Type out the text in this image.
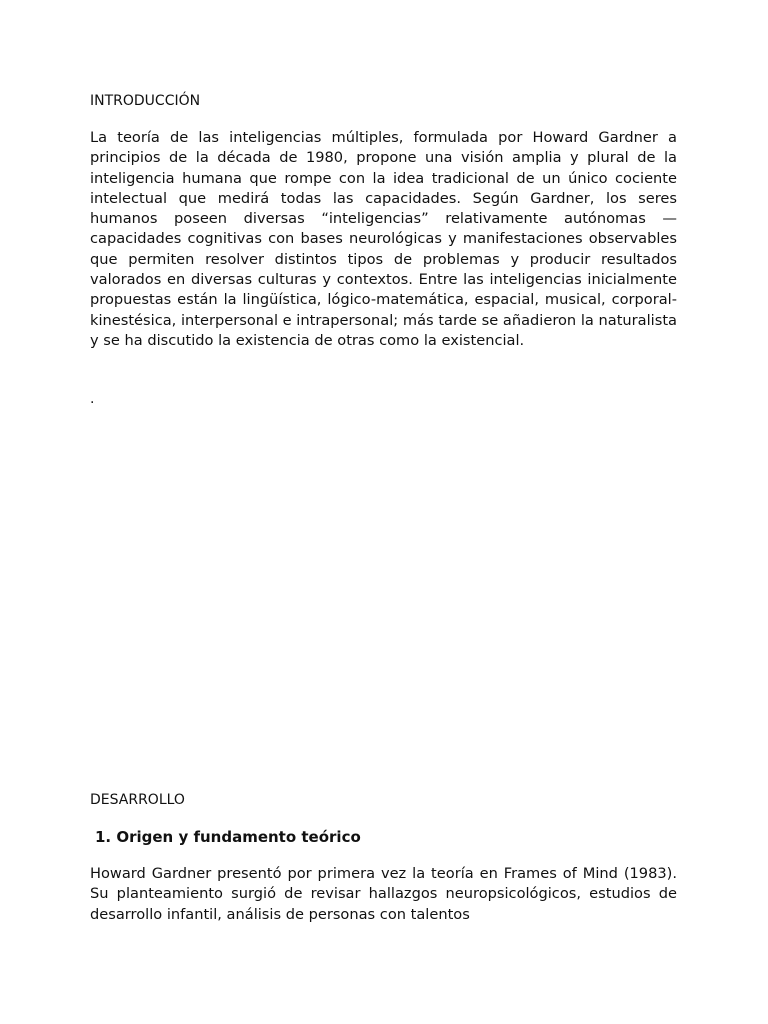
INTRODUCCIÓN

La teoría de las inteligencias múltiples, formulada por Howard Gardner a principios de la década de 1980, propone una visión amplia y plural de la inteligencia humana que rompe con la idea tradicional de un único cociente intelectual que medirá todas las capacidades. Según Gardner, los seres humanos poseen diversas “inteligencias” relativamente autónomas — capacidades cognitivas con bases neurológicas y manifestaciones observables que permiten resolver distintos tipos de problemas y producir resultados valorados en diversas culturas y contextos. Entre las inteligencias inicialmente propuestas están la lingüística, lógico-matemática, espacial, musical, corporal-kinestésica, interpersonal e intrapersonal; más tarde se añadieron la naturalista y se ha discutido la existencia de otras como la existencial.

.
DESARROLLO
1. Origen y fundamento teórico

Howard Gardner presentó por primera vez la teoría en Frames of Mind (1983). Su planteamiento surgió de revisar hallazgos neuropsicológicos, estudios de desarrollo infantil, análisis de personas con talentos
